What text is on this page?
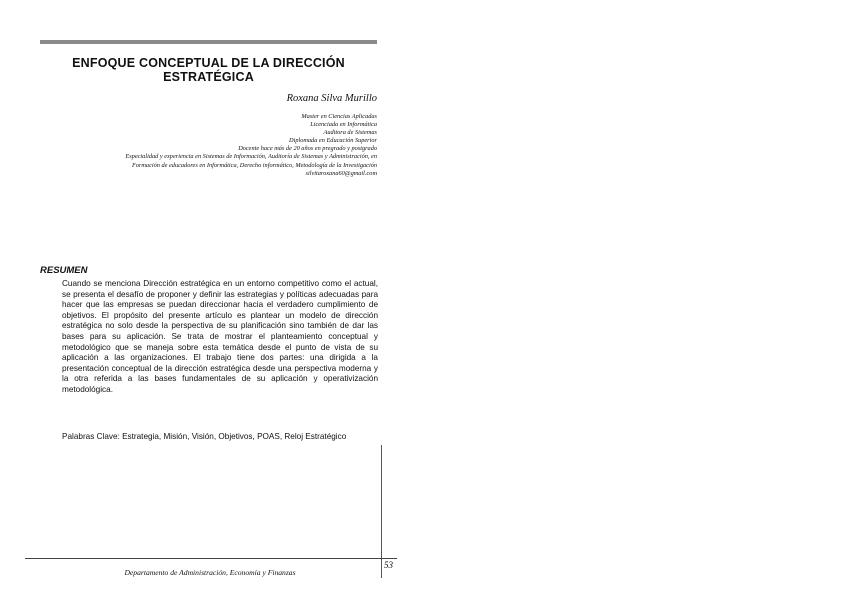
ENFOQUE CONCEPTUAL DE LA DIRECCIÓN
ESTRATÉGICA
Roxana Silva Murillo
Master en Ciencias Aplicadas
Licenciada en Informática
Auditora de Sistemas
Diplomada en Educación Superior
Docente hace más de 20 años en pregrado y postgrado
Especialidad y experiencia en Sistemas de Información, Auditoría de Sistemas y Administración, en
Formación de educadores en Informática, Derecho informático, Metodología de la Investigación
silvitaroxana60@gmail.com
RESUMEN

Cuando se menciona Dirección estratégica en un entorno competitivo como el actual, se presenta el desafío de proponer y definir las estrategias y políticas adecuadas para hacer que las empresas se puedan direccionar hacia el verdadero cumplimiento de objetivos. El propósito del presente artículo es plantear un modelo de dirección estratégica no solo desde la perspectiva de su planificación sino también de dar las bases para su aplicación. Se trata de mostrar el planteamiento conceptual y metodológico que se maneja sobre esta temática desde el punto de vista de su aplicación a las organizaciones. El trabajo tiene dos partes: una dirigida a la presentación conceptual de la dirección estratégica desde una perspectiva moderna y la otra referida a las bases fundamentales de su aplicación y operativización metodológica.

Palabras Clave: Estrategia, Misión, Visión, Objetivos, POAS, Reloj Estratégico

53
Departamento de Administración, Economía y Finanzas
